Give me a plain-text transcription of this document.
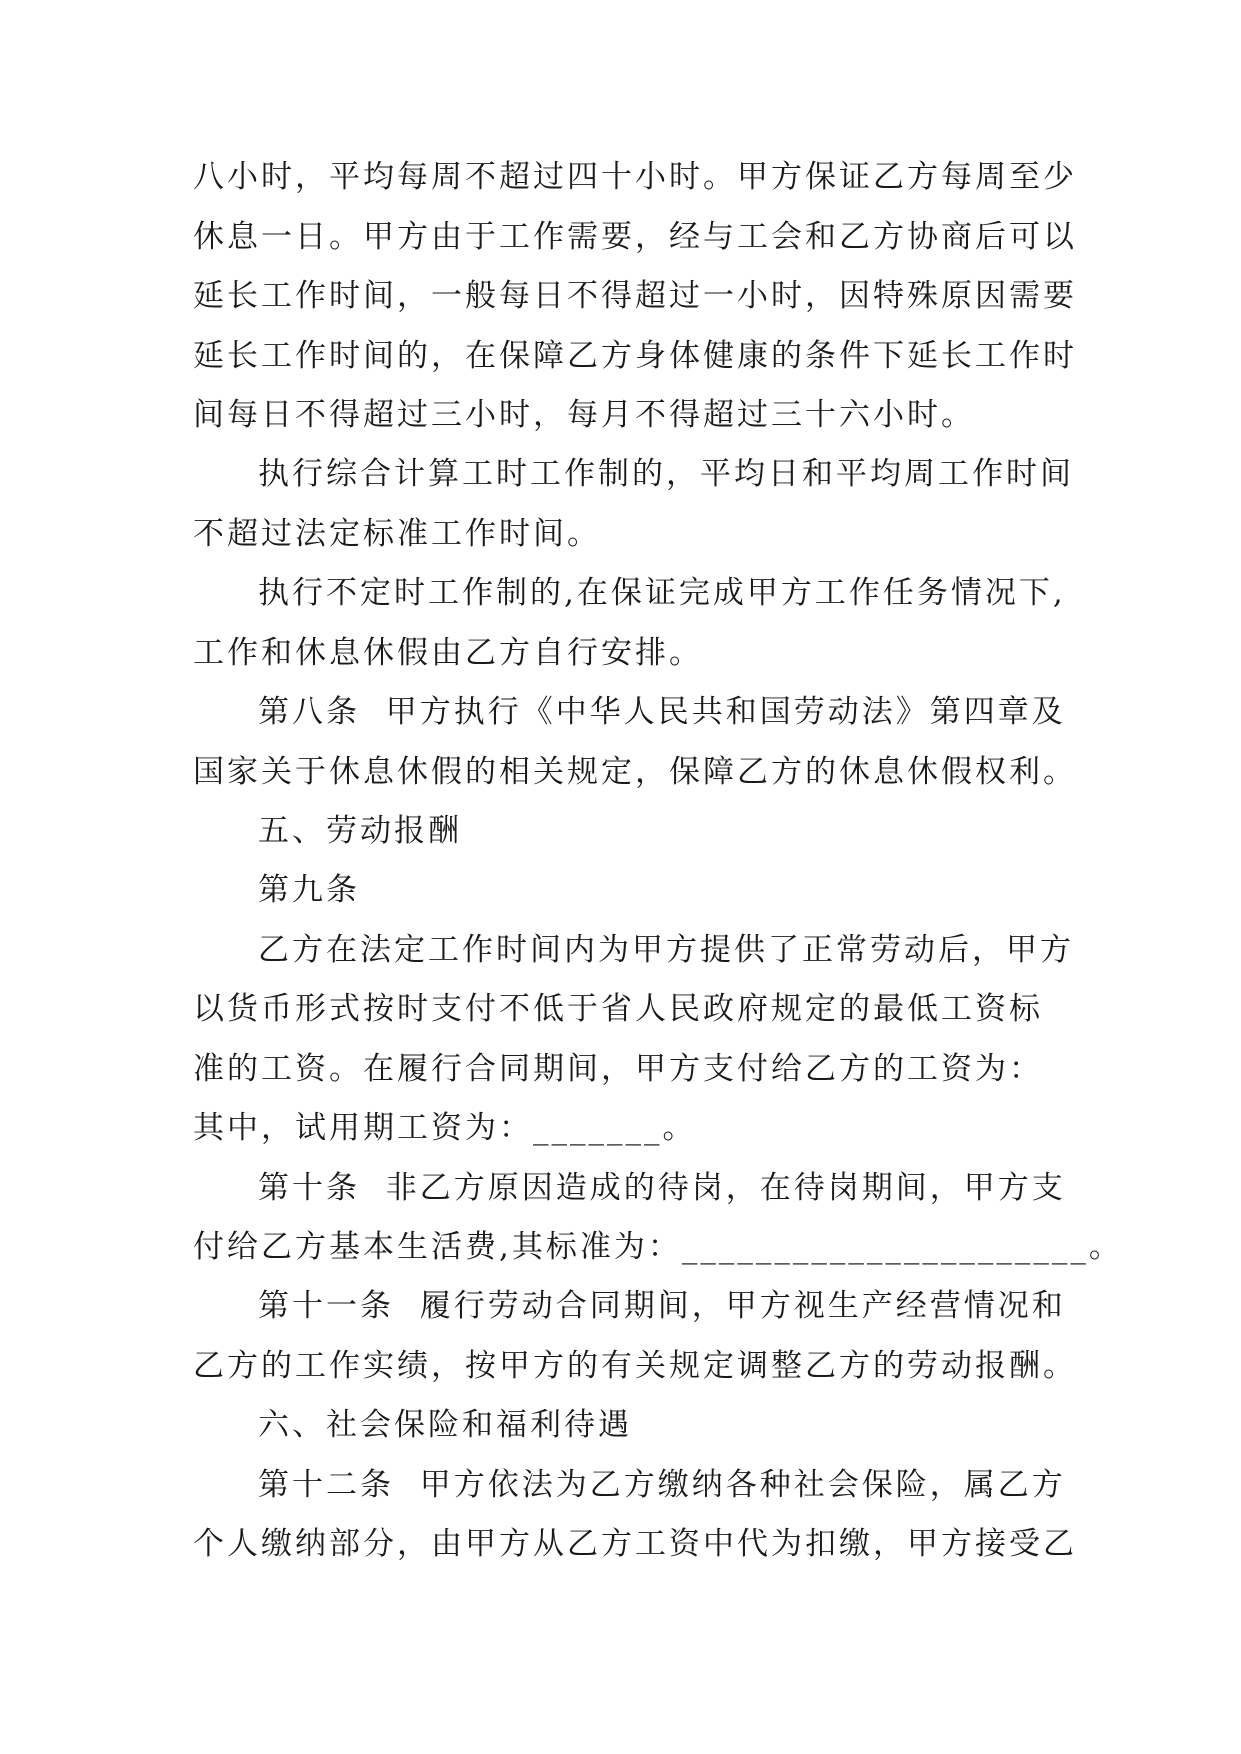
八小时，平均每周不超过四十小时。甲方保证乙方每周至少
休息一日。甲方由于工作需要，经与工会和乙方协商后可以
延长工作时间，一般每日不得超过一小时，因特殊原因需要
延长工作时间的，在保障乙方身体健康的条件下延长工作时
间每日不得超过三小时，每月不得超过三十六小时。
执行综合计算工时工作制的，平均日和平均周工作时间
不超过法定标准工作时间。
执行不定时工作制的,在保证完成甲方工作任务情况下,
工作和休息休假由乙方自行安排。
第八条  甲方执行《中华人民共和国劳动法》第四章及
国家关于休息休假的相关规定，保障乙方的休息休假权利。
五、劳动报酬
第九条
乙方在法定工作时间内为甲方提供了正常劳动后，甲方
以货币形式按时支付不低于省人民政府规定的最低工资标
准的工资。在履行合同期间，甲方支付给乙方的工资为：
其中，试用期工资为：_______。
第十条  非乙方原因造成的待岗，在待岗期间，甲方支
付给乙方基本生活费,其标准为：______________________。
第十一条  履行劳动合同期间，甲方视生产经营情况和
乙方的工作实绩，按甲方的有关规定调整乙方的劳动报酬。
六、社会保险和福利待遇
第十二条  甲方依法为乙方缴纳各种社会保险，属乙方
个人缴纳部分，由甲方从乙方工资中代为扣缴，甲方接受乙
